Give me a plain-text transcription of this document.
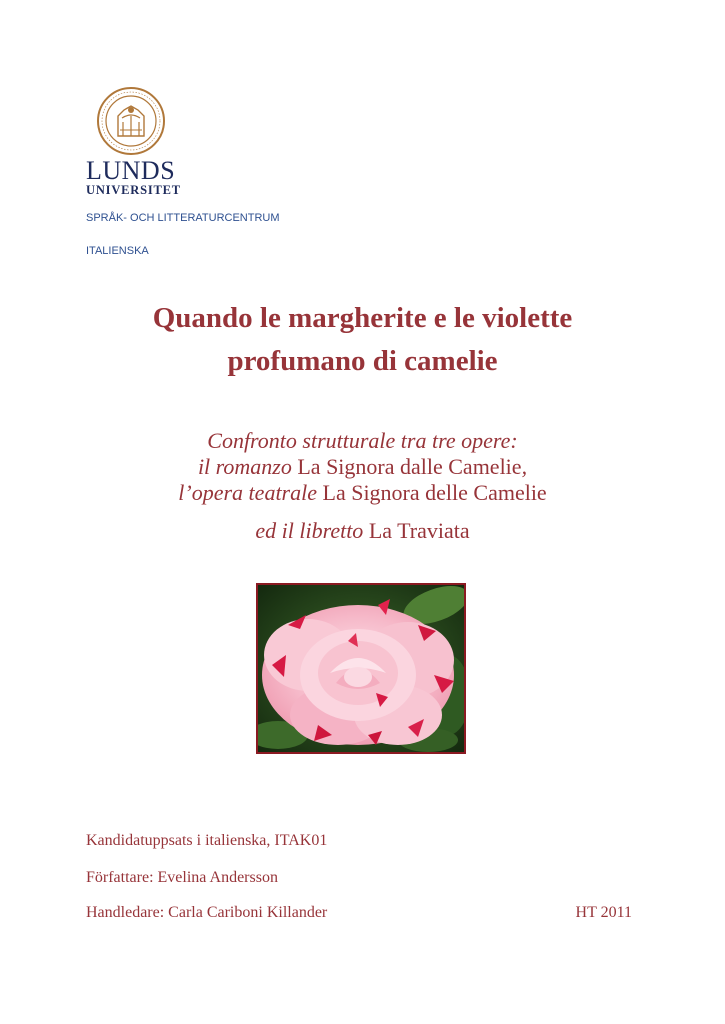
LUNDS
UNIVERSITET
SPRÅK- OCH LITTERATURCENTRUM
ITALIENSKA
Quando le margherite e le violette
profumano di camelie
Confronto strutturale tra tre opere:
il romanzo La Signora dalle Camelie,
l’opera teatrale La Signora delle Camelie
ed il libretto La Traviata
Kandidatuppsats i italienska, ITAK01
Författare: Evelina Andersson
Handledare: Carla Cariboni Killander	HT 2011
